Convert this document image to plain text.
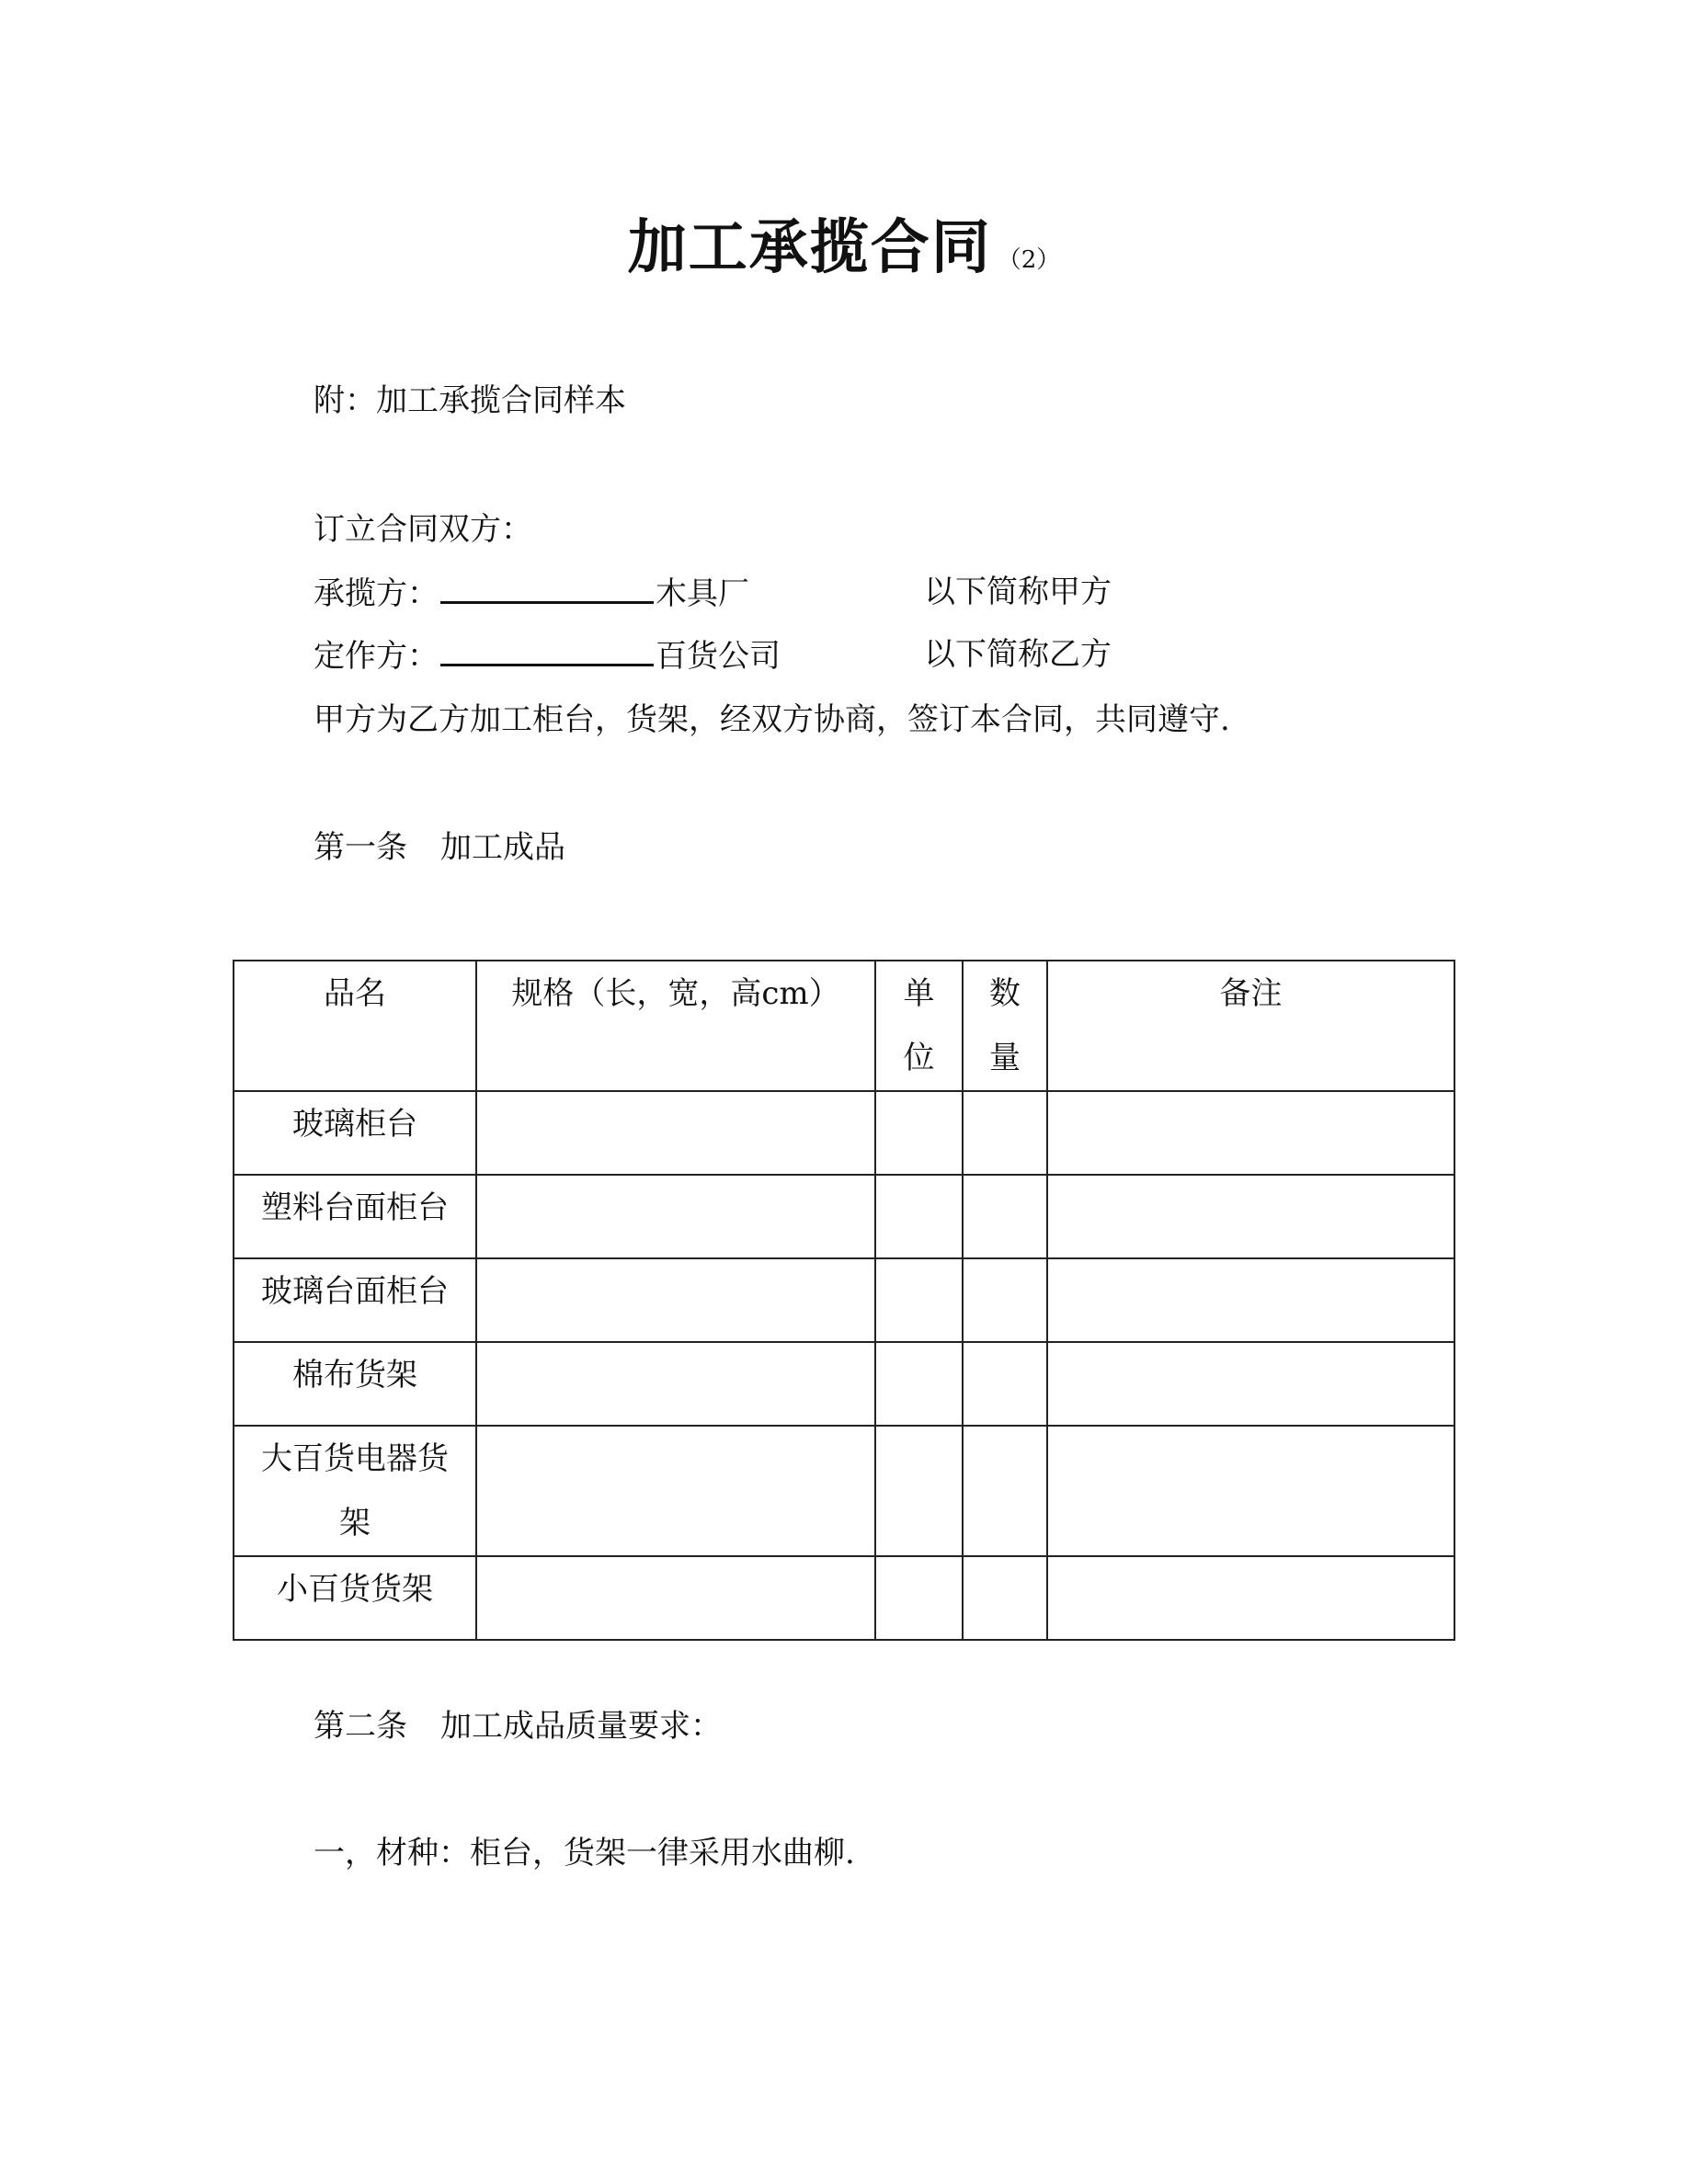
加工承揽合同 （2）
附：加工承揽合同样本
订立合同双方：
承揽方：	木具厂	以下简称甲方
定作方：	百货公司	以下简称乙方
甲方为乙方加工柜台，货架，经双方协商，签订本合同，共同遵守.
第一条 加工成品
品名	规格（长，宽，高cm）	单位	数量	备注
玻璃柜台				
塑料台面柜台				
玻璃台面柜台				
棉布货架				
大百货电器货架				
小百货货架				
第二条 加工成品质量要求：
一，材种：柜台，货架一律采用水曲柳.
